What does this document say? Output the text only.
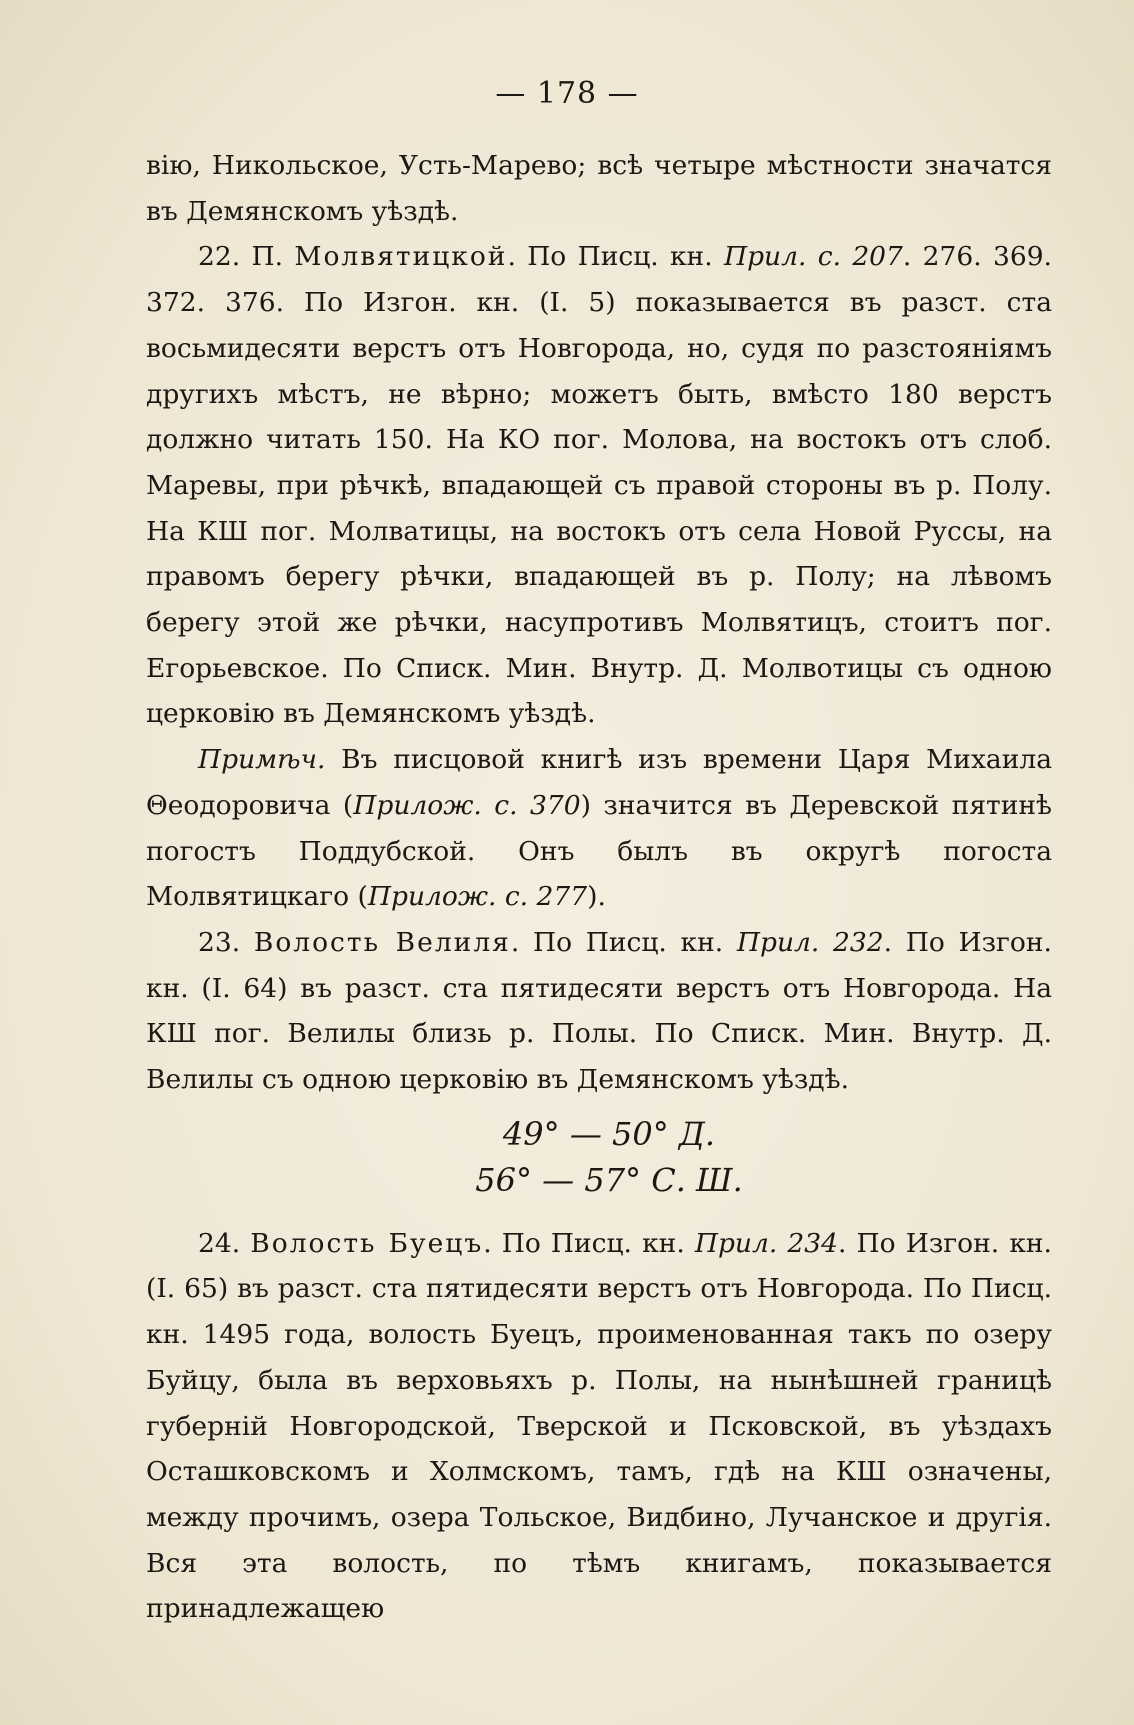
— 178 —

вію, Никольское, Усть-Марево; всѣ четыре мѣстности значатся въ Демянскомъ уѣздѣ.

22. П. Молвятицкой. По Писц. кн. Прил. с. 207. 276. 369. 372. 376. По Изгон. кн. (I. 5) показывается въ разст. ста восьмидесяти верстъ отъ Новгорода, но, судя по разстояніямъ другихъ мѣстъ, не вѣрно; можетъ быть, вмѣсто 180 верстъ должно читать 150. На КО пог. Молова, на востокъ отъ слоб. Маревы, при рѣчкѣ, впадающей съ правой стороны въ р. Полу. На КШ пог. Молватицы, на востокъ отъ села Новой Руссы, на правомъ берегу рѣчки, впадающей въ р. Полу; на лѣвомъ берегу этой же рѣчки, насупротивъ Молвятицъ, стоитъ пог. Егорьевское. По Списк. Мин. Внутр. Д. Молвотицы съ одною церковію въ Демянскомъ уѣздѣ.

Примѣч. Въ писцовой книгѣ изъ времени Царя Михаила Θеодоровича (Прилож. с. 370) значится въ Деревской пятинѣ погостъ Поддубской. Онъ былъ въ округѣ погоста Молвятицкаго (Прилож. с. 277).

23. Волость Велиля. По Писц. кн. Прил. 232. По Изгон. кн. (I. 64) въ разст. ста пятидесяти верстъ отъ Новгорода. На КШ пог. Велилы близь р. Полы. По Списк. Мин. Внутр. Д. Велилы съ одною церковію въ Демянскомъ уѣздѣ.

49° — 50° Д.
56° — 57° С. Ш.

24. Волость Буецъ. По Писц. кн. Прил. 234. По Изгон. кн. (I. 65) въ разст. ста пятидесяти верстъ отъ Новгорода. По Писц. кн. 1495 года, волость Буецъ, проименованная такъ по озеру Буйцу, была въ верховьяхъ р. Полы, на нынѣшней границѣ губерній Новгородской, Тверской и Псковской, въ уѣздахъ Осташковскомъ и Холмскомъ, тамъ, гдѣ на КШ означены, между прочимъ, озера Тольское, Видбино, Лучанское и другія. Вся эта волость, по тѣмъ книгамъ, показывается принадлежащею
